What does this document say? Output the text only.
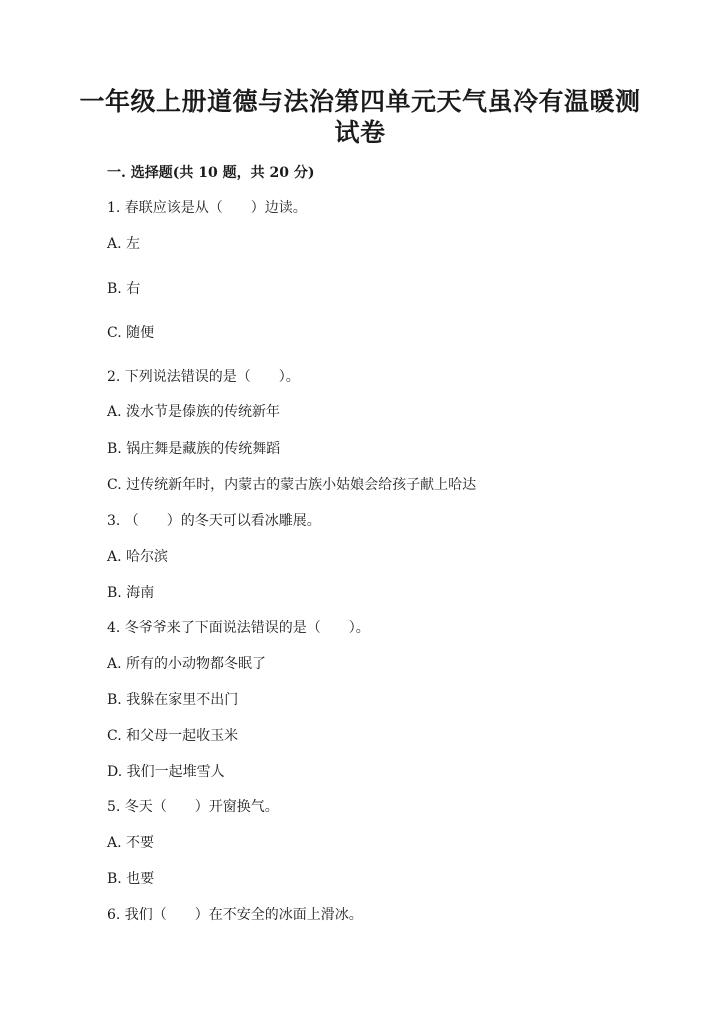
一年级上册道德与法治第四单元天气虽冷有温暖测
试卷
一. 选择题(共 10 题，共 20 分)
1. 春联应该是从（　　）边读。
A. 左
B. 右
C. 随便
2. 下列说法错误的是（　　）。
A. 泼水节是傣族的传统新年
B. 锅庄舞是藏族的传统舞蹈
C. 过传统新年时，内蒙古的蒙古族小姑娘会给孩子献上哈达
3. （　　）的冬天可以看冰雕展。
A. 哈尔滨
B. 海南
4. 冬爷爷来了下面说法错误的是（　　）。
A. 所有的小动物都冬眠了
B. 我躲在家里不出门
C. 和父母一起收玉米
D. 我们一起堆雪人
5. 冬天（　　）开窗换气。
A. 不要
B. 也要
6. 我们（　　）在不安全的冰面上滑冰。
